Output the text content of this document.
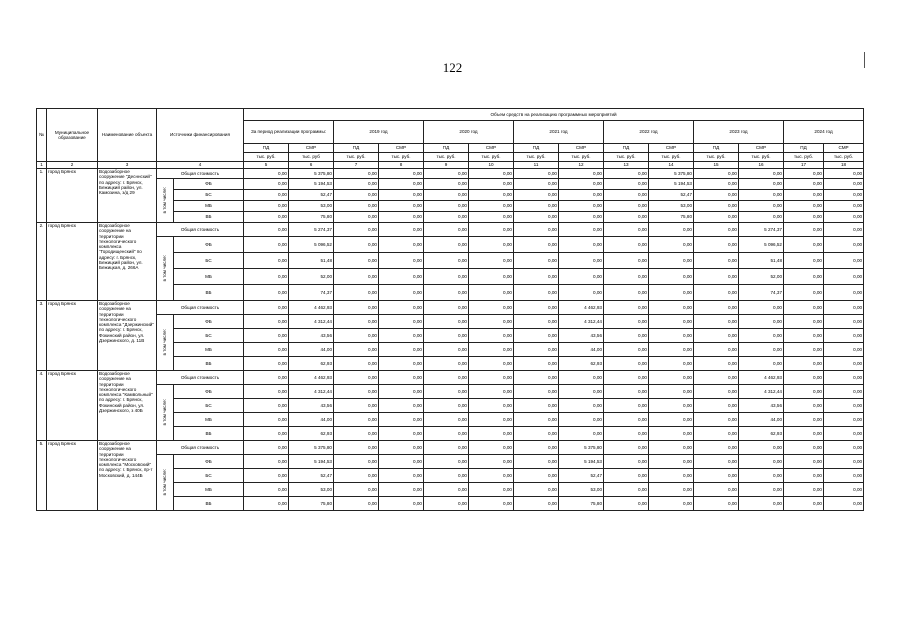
122
№	Муниципальное образование	Наименование объекта	Источники финансирования		Объем средств на реализацию программных мероприятий													
					За период реализации программы:		2019 год		2020 год		2021 год		2022 год		2023 год		2024 год	
					ПД	СМР	ПД	СМР	ПД	СМР	ПД	СМР	ПД	СМР	ПД	СМР	ПД	СМР
					тыс. руб.	тыс. руб	тыс. руб.	тыс. руб.	тыс. руб.	тыс. руб.	тыс. руб.	тыс. руб.	тыс. руб.	тыс. руб.	тыс. руб.	тыс. руб.	тыс. руб.	тыс. руб.
1	2	3	4		5	6	7	8	9	10	11	12	13	14	15	16	17	18
1.	город Брянск	Водозаборное сооружение "Десннский" по адресу: г. Брянск, Бежицкий район, ул. Камозина, з/д 29	Общая стоимость		0,00	5 375,80	0,00	0,00	0,00	0,00	0,00	0,00	0,00	5 375,80	0,00	0,00	0,00	0,00

			в том числе:	ФБ	0,00	5 194,53	0,00	0,00	0,00	0,00	0,00	0,00	0,00	5 194,53	0,00	0,00	0,00	0,00
				БС	0,00	52,47	0,00	0,00	0,00	0,00	0,00	0,00	0,00	52,47	0,00	0,00	0,00	0,00
				МБ	0,00	53,00	0,00	0,00	0,00	0,00	0,00	0,00	0,00	53,00	0,00	0,00	0,00	0,00
				ВБ	0,00	75,80	0,00	0,00	0,00	0,00	0,00	0,00	0,00	75,80	0,00	0,00	0,00	0,00
2.	город Брянск	Водозаборное сооружение на территории технологического комплекса "Городищенский" по адресу: г. Брянск, Бежицкий район, ул. Бежицкая, д. 266А	Общая стоимость		0,00	5 274,37	0,00	0,00	0,00	0,00	0,00	0,00	0,00	0,00	0,00	5 274,37	0,00	0,00

			в том числе:	ФБ	0,00	5 096,52	0,00	0,00	0,00	0,00	0,00	0,00	0,00	0,00	0,00	5 096,52	0,00	0,00
				БС	0,00	51,48	0,00	0,00	0,00	0,00	0,00	0,00	0,00	0,00	0,00	51,48	0,00	0,00
				МБ	0,00	52,00	0,00	0,00	0,00	0,00	0,00	0,00	0,00	0,00	0,00	52,00	0,00	0,00
				ВБ	0,00	74,37	0,00	0,00	0,00	0,00	0,00	0,00	0,00	0,00	0,00	74,37	0,00	0,00
3.	город Брянск	Водозаборное сооружение на территории технологического комплекса "Дзержинский" по адресу: г. Брянск, Фокинский район, ул. Дзержинского, д. 11В	Общая стоимость		0,00	4 462,93	0,00	0,00	0,00	0,00	0,00	4 462,93	0,00	0,00	0,00	0,00	0,00	0,00

			в том числе:	ФБ	0,00	4 312,44	0,00	0,00	0,00	0,00	0,00	4 312,44	0,00	0,00	0,00	0,00	0,00	0,00
				БС	0,00	43,56	0,00	0,00	0,00	0,00	0,00	43,56	0,00	0,00	0,00	0,00	0,00	0,00
				МБ	0,00	44,00	0,00	0,00	0,00	0,00	0,00	44,00	0,00	0,00	0,00	0,00	0,00	0,00
				ВБ	0,00	62,93	0,00	0,00	0,00	0,00	0,00	62,93	0,00	0,00	0,00	0,00	0,00	0,00
4.	город Брянск	Водозаборное сооружение на территории технологического комплекса "Камвольный" по адресу: г. Брянск, Фокинский район, ул. Дзержинского, з 40Б	Общая стоимость		0,00	4 462,93	0,00	0,00	0,00	0,00	0,00	0,00	0,00	0,00	0,00	4 462,93	0,00	0,00

			в том числе:	ФБ	0,00	4 312,44	0,00	0,00	0,00	0,00	0,00	0,00	0,00	0,00	0,00	4 312,44	0,00	0,00
				БС	0,00	43,56	0,00	0,00	0,00	0,00	0,00	0,00	0,00	0,00	0,00	43,56	0,00	0,00
				МБ	0,00	44,00	0,00	0,00	0,00	0,00	0,00	0,00	0,00	0,00	0,00	44,00	0,00	0,00
				ВБ	0,00	62,93	0,00	0,00	0,00	0,00	0,00	0,00	0,00	0,00	0,00	62,93	0,00	0,00
5.	город Брянск	Водозаборное сооружение на территории технологического комплекса "Московский" по адресу: г. Брянск, пр-т Московский, д. 144Б	Общая стоимость		0,00	5 375,80	0,00	0,00	0,00	0,00	0,00	5 375,80	0,00	0,00	0,00	0,00	0,00	0,00

			в том числе:	ФБ	0,00	5 194,53	0,00	0,00	0,00	0,00	0,00	5 194,53	0,00	0,00	0,00	0,00	0,00	0,00
				БС	0,00	52,47	0,00	0,00	0,00	0,00	0,00	52,47	0,00	0,00	0,00	0,00	0,00	0,00
				МБ	0,00	53,00	0,00	0,00	0,00	0,00	0,00	53,00	0,00	0,00	0,00	0,00	0,00	0,00
				ВБ	0,00	75,80	0,00	0,00	0,00	0,00	0,00	75,80	0,00	0,00	0,00	0,00	0,00	0,00
